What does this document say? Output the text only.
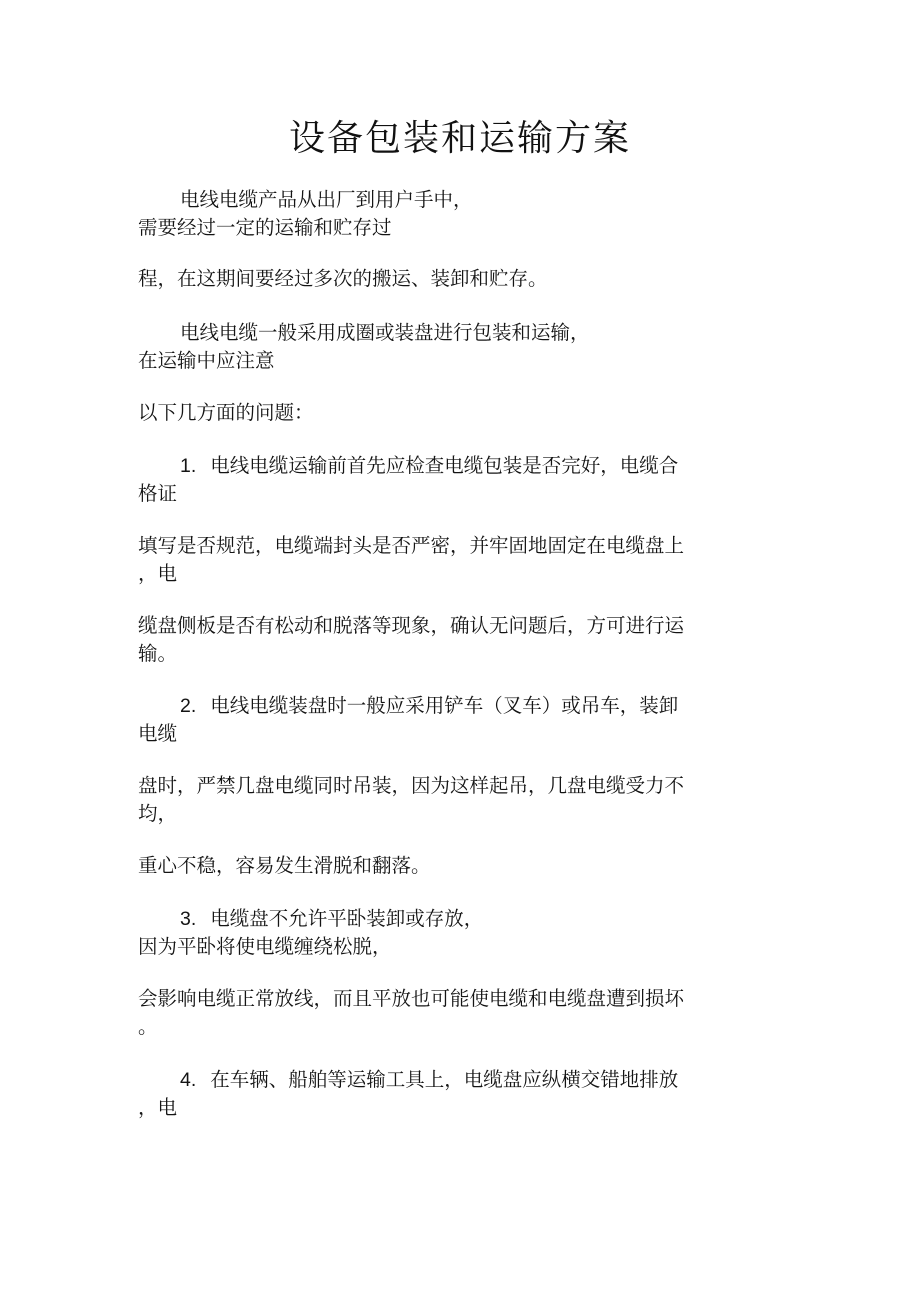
设备包装和运输方案
电线电缆产品从出厂到用户手中，
需要经过一定的运输和贮存过
程，在这期间要经过多次的搬运、装卸和贮存。
电线电缆一般采用成圈或装盘进行包装和运输，
在运输中应注意
以下几方面的问题：
1. 电线电缆运输前首先应检查电缆包装是否完好，电缆合
格证
填写是否规范，电缆端封头是否严密，并牢固地固定在电缆盘上
，电
缆盘侧板是否有松动和脱落等现象，确认无问题后，方可进行运
输。
2. 电线电缆装盘时一般应采用铲车（叉车）或吊车，装卸
电缆
盘时，严禁几盘电缆同时吊装，因为这样起吊，几盘电缆受力不
均，
重心不稳，容易发生滑脱和翻落。
3. 电缆盘不允许平卧装卸或存放，
因为平卧将使电缆缠绕松脱，
会影响电缆正常放线，而且平放也可能使电缆和电缆盘遭到损坏
。
4. 在车辆、船舶等运输工具上，电缆盘应纵横交错地排放
，电
